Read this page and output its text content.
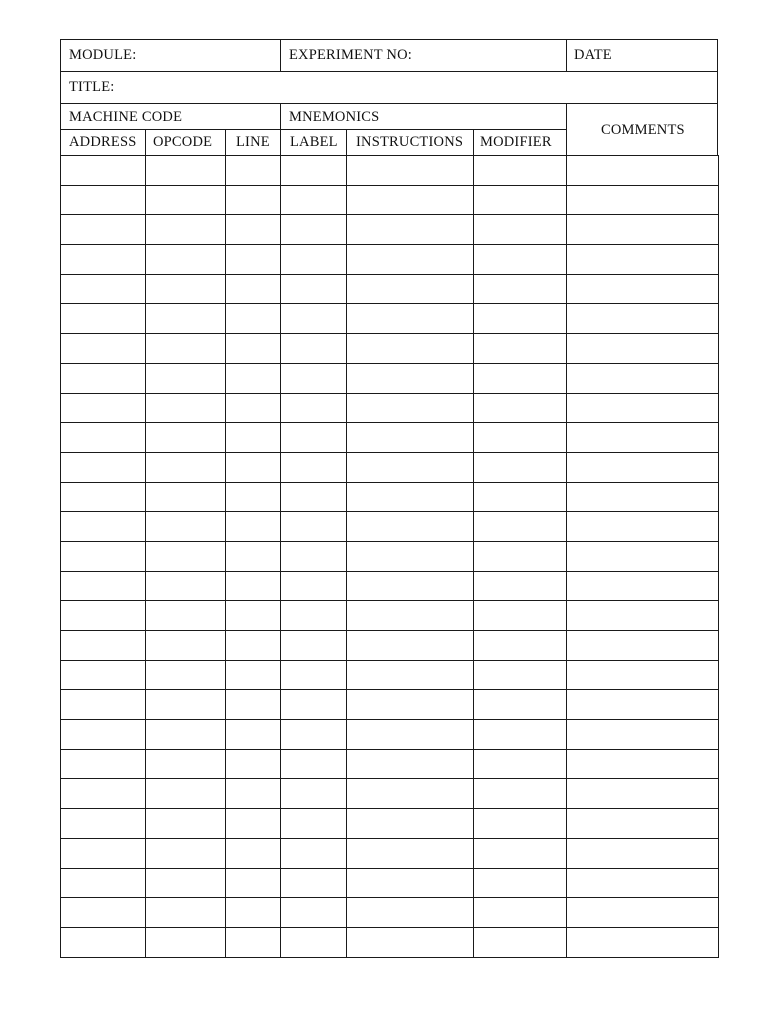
MODULE:	EXPERIMENT NO:	DATE
TITLE:
MACHINE CODE	MNEMONICS
COMMENTS
ADDRESS OPCODE LINE LABEL INSTRUCTIONS MODIFIER
